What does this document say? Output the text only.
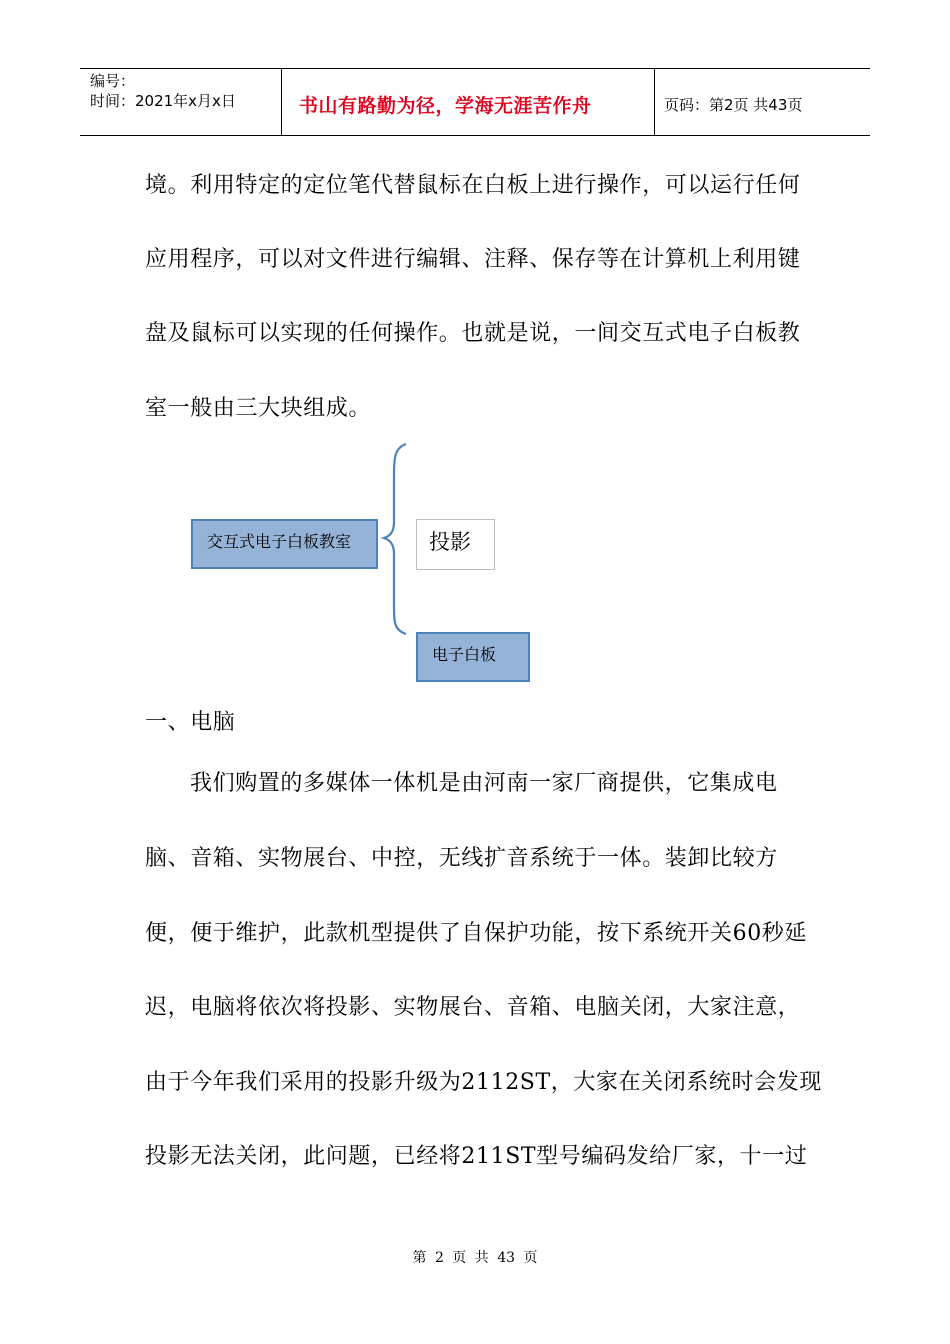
编号：
时间：2021年x月x日	书山有路勤为径，学海无涯苦作舟	页码：第2页 共43页
境。利用特定的定位笔代替鼠标在白板上进行操作，可以运行任何
应用程序，可以对文件进行编辑、注释、保存等在计算机上利用键
盘及鼠标可以实现的任何操作。也就是说，一间交互式电子白板教
室一般由三大块组成。
交互式电子白板教室	投影
电子白板
一、电脑
我们购置的多媒体一体机是由河南一家厂商提供，它集成电
脑、音箱、实物展台、中控，无线扩音系统于一体。装卸比较方
便，便于维护，此款机型提供了自保护功能，按下系统开关60秒延
迟，电脑将依次将投影、实物展台、音箱、电脑关闭，大家注意，
由于今年我们采用的投影升级为2112ST，大家在关闭系统时会发现
投影无法关闭，此问题，已经将211ST型号编码发给厂家，十一过
第 2 页 共 43 页
